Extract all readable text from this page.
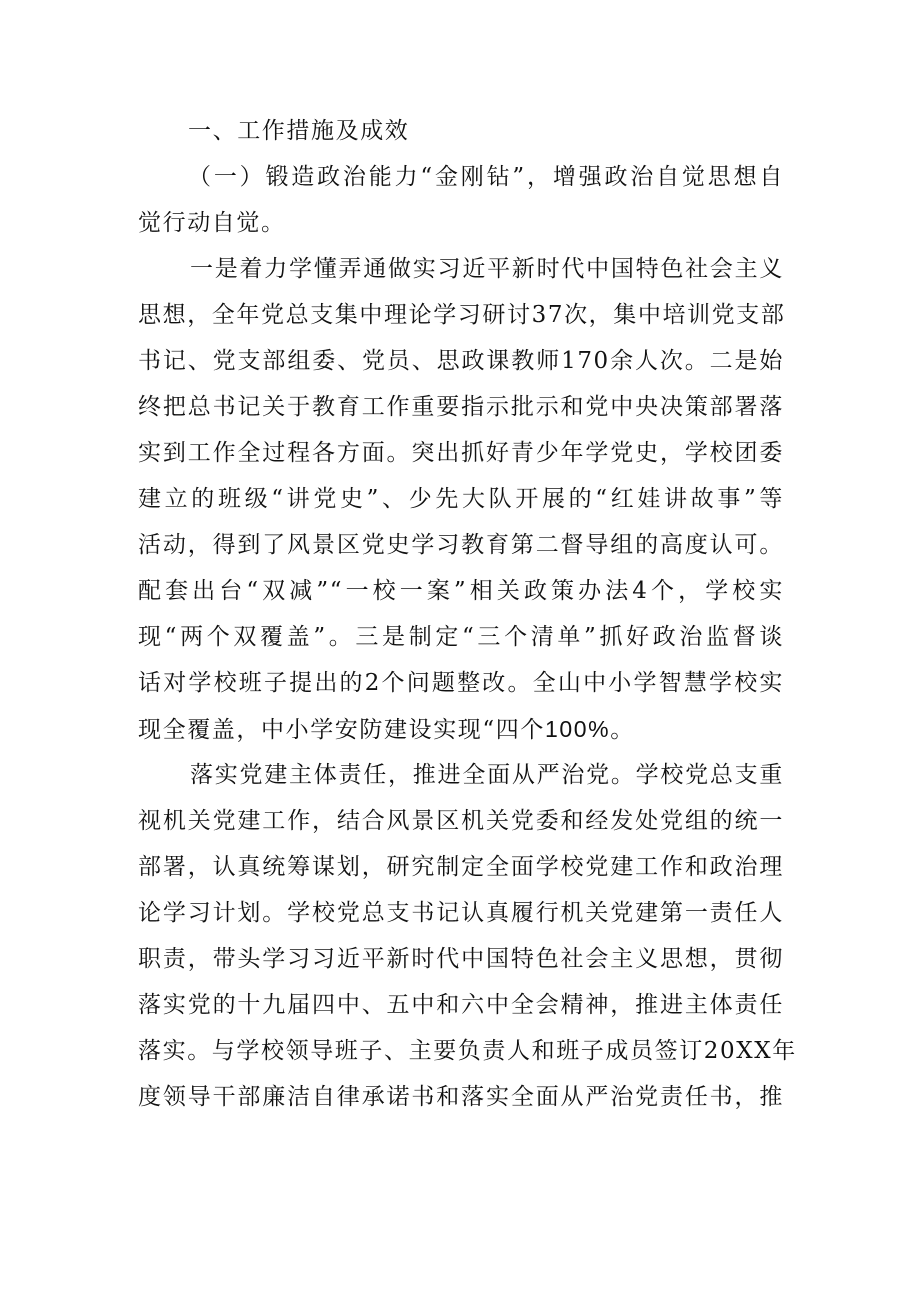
一、工作措施及成效

（一）锻造政治能力“金刚钻”，增强政治自觉思想自

觉行动自觉。

一是着力学懂弄通做实习近平新时代中国特色社会主义

思想，全年党总支集中理论学习研讨37次，集中培训党支部

书记、党支部组委、党员、思政课教师170余人次。二是始

终把总书记关于教育工作重要指示批示和党中央决策部署落

实到工作全过程各方面。突出抓好青少年学党史，学校团委

建立的班级“讲党史”、少先大队开展的“红娃讲故事”等

活动，得到了风景区党史学习教育第二督导组的高度认可。

配套出台“双减”“一校一案”相关政策办法4个，学校实

现“两个双覆盖”。三是制定“三个清单”抓好政治监督谈

话对学校班子提出的2个问题整改。全山中小学智慧学校实

现全覆盖，中小学安防建设实现“四个100%。

落实党建主体责任，推进全面从严治党。学校党总支重

视机关党建工作，结合风景区机关党委和经发处党组的统一

部署，认真统筹谋划，研究制定全面学校党建工作和政治理

论学习计划。学校党总支书记认真履行机关党建第一责任人

职责，带头学习习近平新时代中国特色社会主义思想，贯彻

落实党的十九届四中、五中和六中全会精神，推进主体责任

落实。与学校领导班子、主要负责人和班子成员签订20XX年

度领导干部廉洁自律承诺书和落实全面从严治党责任书，推
